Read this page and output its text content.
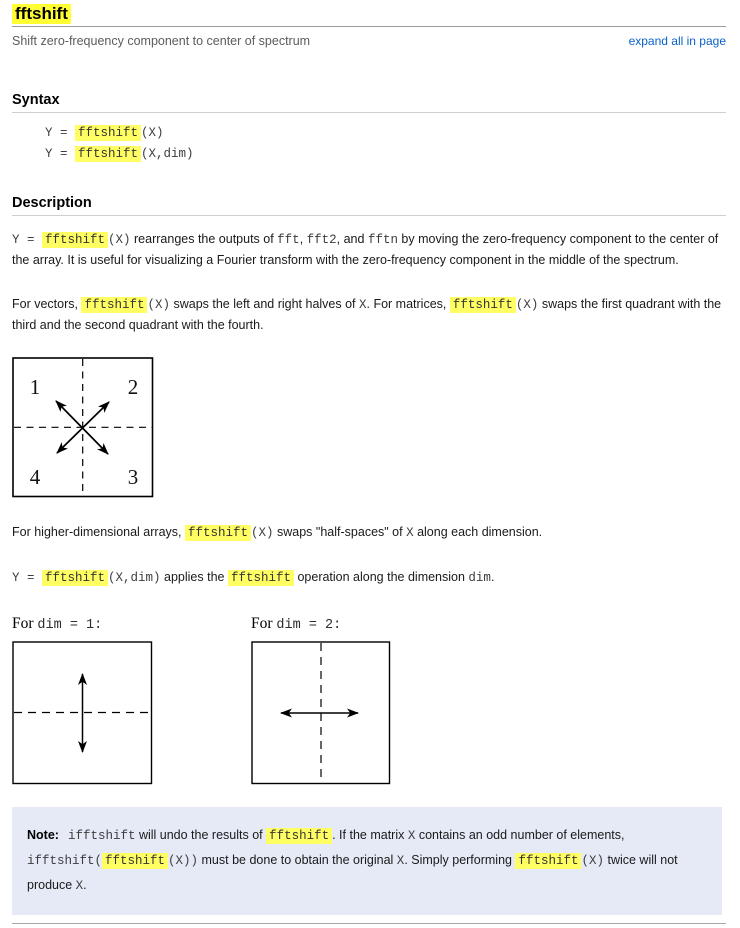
fftshift
Shift zero-frequency component to center of spectrum	expand all in page
Syntax
Y = fftshift (X)
Y = fftshift (X,dim)
Description

Y = fftshift (X) rearranges the outputs of fft, fft2, and fftn by moving the zero-frequency component to the center of the array. It is useful for visualizing a Fourier transform with the zero-frequency component in the middle of the spectrum.

For vectors, fftshift (X) swaps the left and right halves of X. For matrices, fftshift (X) swaps the first quadrant with the third and the second quadrant with the fourth.

1	2
4	3

For higher-dimensional arrays, fftshift (X) swaps "half-spaces" of X along each dimension.

Y = fftshift (X,dim) applies the fftshift operation along the dimension dim.

For dim = 1:	For dim = 2:
Note: ifftshift will undo the results of fftshift . If the matrix X contains an odd number of elements, ifftshift( fftshift (X)) must be done to obtain the original X. Simply performing fftshift (X) twice will not produce X.
